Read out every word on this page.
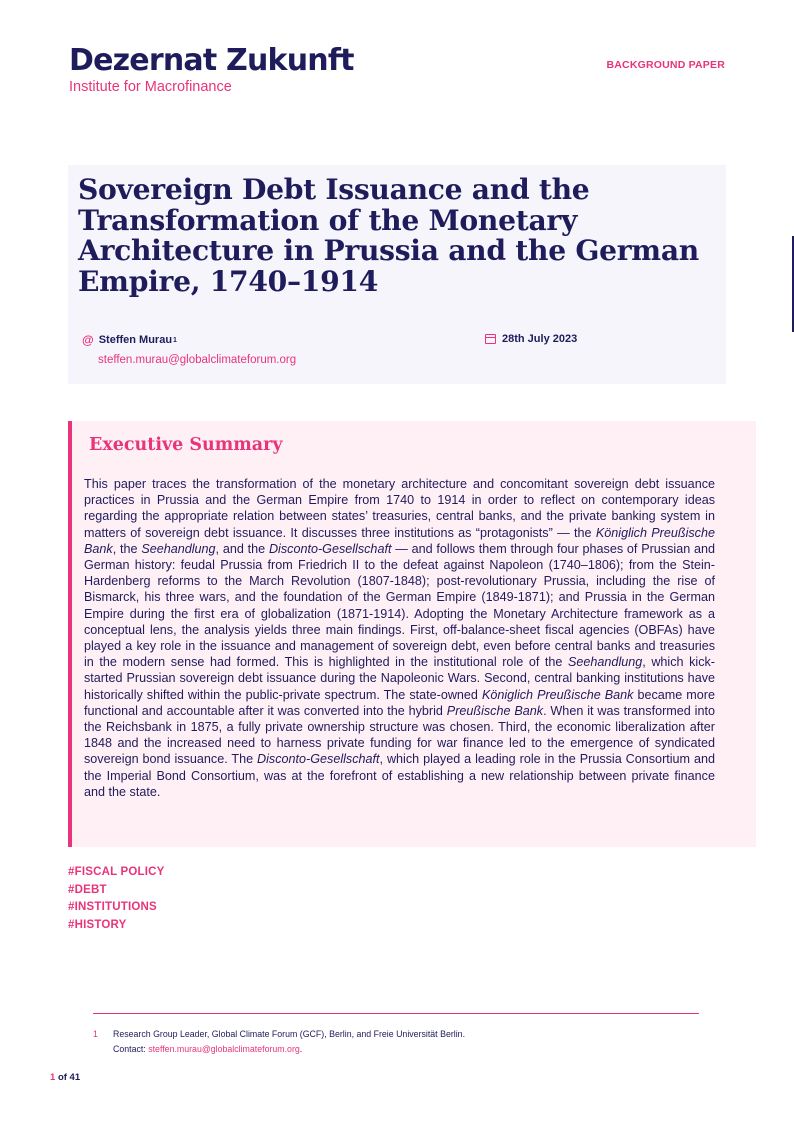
Dezernat Zukunft
Institute for Macrofinance
BACKGROUND PAPER
Sovereign Debt Issuance and the Transformation of the Monetary Architecture in Prussia and the German Empire, 1740–1914
@ Steffen Murau 1
steffen.murau@globalclimateforum.org
28th July 2023
Executive Summary

This paper traces the transformation of the monetary architecture and concomitant sovereign debt issuance practices in Prussia and the German Empire from 1740 to 1914 in order to reflect on contemporary ideas regarding the appropriate relation between states’ treasuries, central banks, and the private banking system in matters of sovereign debt issuance. It discusses three institutions as “protagonists” — the Königlich Preußische Bank, the Seehandlung, and the Disconto-Gesellschaft — and follows them through four phases of Prussian and German history: feudal Prussia from Friedrich II to the defeat against Napoleon (1740–1806); from the Stein-Hardenberg reforms to the March Revolution (1807-1848); post-revolutionary Prussia, including the rise of Bismarck, his three wars, and the foundation of the German Empire (1849-1871); and Prussia in the German Empire during the first era of globalization (1871-1914). Adopting the Monetary Architecture framework as a conceptual lens, the analysis yields three main findings. First, off-balance-sheet fiscal agencies (OBFAs) have played a key role in the issuance and management of sovereign debt, even before central banks and treasuries in the modern sense had formed. This is highlighted in the institutional role of the Seehandlung, which kick-started Prussian sovereign debt issuance during the Napoleonic Wars. Second, central banking institutions have historically shifted within the public-private spectrum. The state-owned Königlich Preußische Bank became more functional and accountable after it was converted into the hybrid Preußische Bank. When it was transformed into the Reichsbank in 1875, a fully private ownership structure was chosen. Third, the economic liberalization after 1848 and the increased need to harness private funding for war finance led to the emergence of syndicated sovereign bond issuance. The Disconto-Gesellschaft, which played a leading role in the Prussia Consortium and the Imperial Bond Consortium, was at the forefront of establishing a new relationship between private finance and the state.

#FISCAL POLICY
#DEBT
#INSTITUTIONS
#HISTORY
1 Research Group Leader, Global Climate Forum (GCF), Berlin, and Freie Universität Berlin.
Contact: steffen.murau@globalclimateforum.org.
1 of 41
